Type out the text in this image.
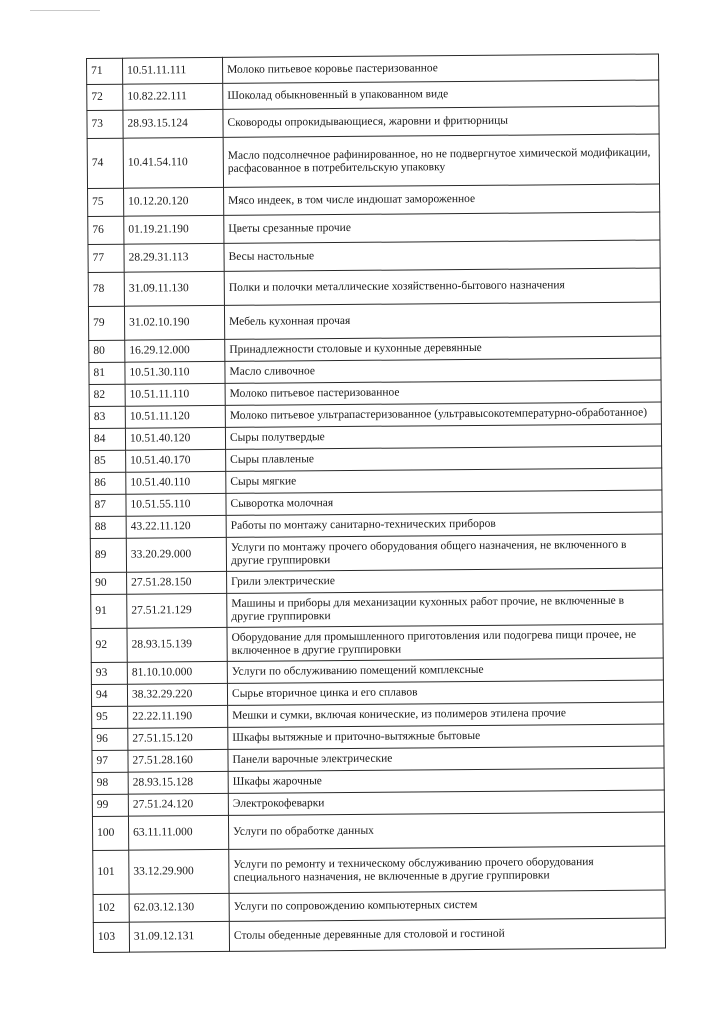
71	10.51.11.111	Молоко питьевое коровье пастеризованное
72	10.82.22.111	Шоколад обыкновенный в упакованном виде
73	28.93.15.124	Сковороды опрокидывающиеся, жаровни и фритюрницы
74	10.41.54.110	Масло подсолнечное рафинированное, но не подвергнутое химической модификации, расфасованное в потребительскую упаковку
75	10.12.20.120	Мясо индеек, в том числе индюшат замороженное
76	01.19.21.190	Цветы срезанные прочие
77	28.29.31.113	Весы настольные
78	31.09.11.130	Полки и полочки металлические хозяйственно-бытового назначения
79	31.02.10.190	Мебель кухонная прочая
80	16.29.12.000	Принадлежности столовые и кухонные деревянные
81	10.51.30.110	Масло сливочное
82	10.51.11.110	Молоко питьевое пастеризованное
83	10.51.11.120	Молоко питьевое ультрапастеризованное (ультравысокотемпературно-обработанное)
84	10.51.40.120	Сыры полутвердые
85	10.51.40.170	Сыры плавленые
86	10.51.40.110	Сыры мягкие
87	10.51.55.110	Сыворотка молочная
88	43.22.11.120	Работы по монтажу санитарно-технических приборов
89	33.20.29.000	Услуги по монтажу прочего оборудования общего назначения, не включенного в другие группировки
90	27.51.28.150	Грили электрические
91	27.51.21.129	Машины и приборы для механизации кухонных работ прочие, не включенные в другие группировки
92	28.93.15.139	Оборудование для промышленного приготовления или подогрева пищи прочее, не включенное в другие группировки
93	81.10.10.000	Услуги по обслуживанию помещений комплексные
94	38.32.29.220	Сырье вторичное цинка и его сплавов
95	22.22.11.190	Мешки и сумки, включая конические, из полимеров этилена прочие
96	27.51.15.120	Шкафы вытяжные и приточно-вытяжные бытовые
97	27.51.28.160	Панели варочные электрические
98	28.93.15.128	Шкафы жарочные
99	27.51.24.120	Электрокофеварки
100	63.11.11.000	Услуги по обработке данных
101	33.12.29.900	Услуги по ремонту и техническому обслуживанию прочего оборудования специального назначения, не включенные в другие группировки
102	62.03.12.130	Услуги по сопровождению компьютерных систем
103	31.09.12.131	Столы обеденные деревянные для столовой и гостиной
